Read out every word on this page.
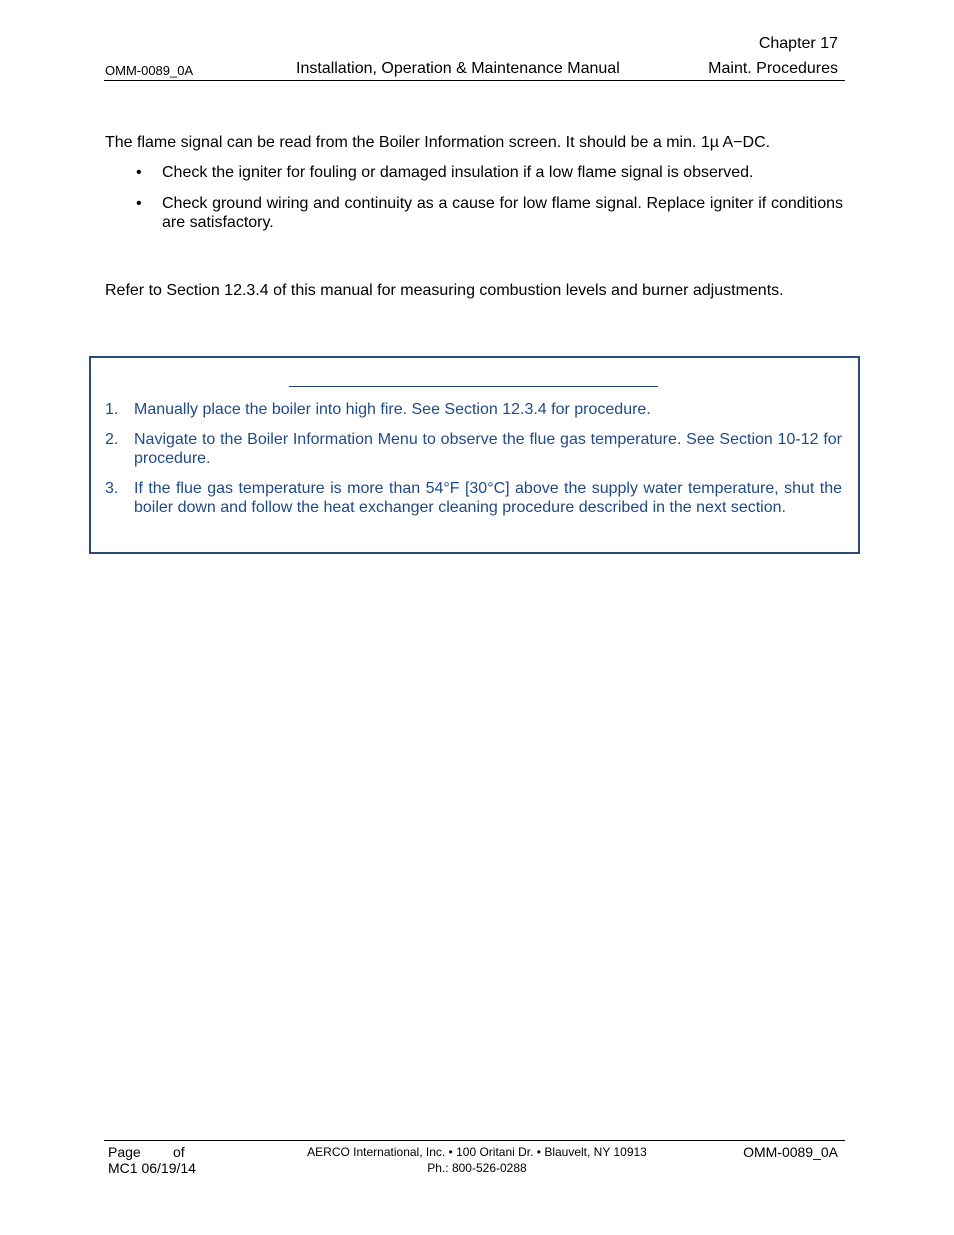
Chapter 17
OMM-0089_0A	Installation, Operation & Maintenance Manual	Maint. Procedures
The flame signal can be read from the Boiler Information screen. It should be a min. 1µ A−DC.
• Check the igniter for fouling or damaged insulation if a low flame signal is observed.
• Check ground wiring and continuity as a cause for low flame signal. Replace igniter if conditions are satisfactory.
Refer to Section 12.3.4 of this manual for measuring combustion levels and burner adjustments.
1. Manually place the boiler into high fire. See Section 12.3.4 for procedure.
2. Navigate to the Boiler Information Menu to observe the flue gas temperature. See Section 10-12 for procedure.
3. If the flue gas temperature is more than 54°F [30°C] above the supply water temperature, shut the boiler down and follow the heat exchanger cleaning procedure described in the next section.
Page of
MC1 06/19/14
AERCO International, Inc. • 100 Oritani Dr. • Blauvelt, NY 10913
Ph.: 800-526-0288
OMM-0089_0A
